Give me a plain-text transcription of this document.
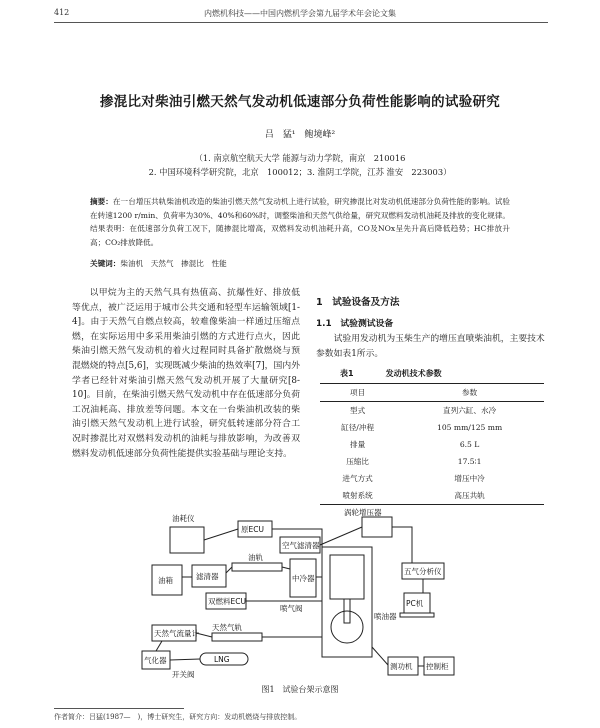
412	内燃机科技——中国内燃机学会第九届学术年会论文集
掺混比对柴油引燃天然气发动机低速部分负荷性能影响的试验研究
吕　猛¹　鲍境峰²
（1. 南京航空航天大学 能源与动力学院，南京　210016
2. 中国环境科学研究院，北京　100012；3. 淮阴工学院，江苏 淮安　223003）
摘要：在一台增压共轨柴油机改造的柴油引燃天然气发动机上进行试验，研究掺混比对发动机低速部分负荷性能的影响。试验在转速1200 r/min、负荷率为30%、40%和60%时，调整柴油和天然气供给量，研究双燃料发动机油耗及排放的变化规律。结果表明：在低速部分负荷工况下，随掺混比增高，双燃料发动机油耗升高，CO及NOx呈先升高后降低趋势；HC排放升高；CO₂排放降低。
关键词：柴油机　天然气　掺混比　性能

以甲烷为主的天然气具有热值高、抗爆性好、排放低等优点，被广泛运用于城市公共交通和轻型车运输领域[1-4]。由于天然气自燃点较高，较难像柴油一样通过压缩点燃，在实际运用中多采用柴油引燃的方式进行点火，因此柴油引燃天然气发动机的着火过程同时具备扩散燃烧与预混燃烧的特点[5,6]，实现既减少柴油的热效率[7]，国内外学者已经针对柴油引燃天然气发动机开展了大量研究[8-10]。目前，在柴油引燃天然气发动机中存在低速部分负荷工况油耗高、排放差等问题。本文在一台柴油机改装的柴油引燃天然气发动机上进行试验，研究低转速部分符合工况时掺混比对双燃料发动机的油耗与排放影响，为改善双燃料发动机低速部分负荷性能提供实验基础与理论支持。

1　试验设备及方法
1.1　试验测试设备
试验用发动机为玉柴生产的增压直喷柴油机，主要技术参数如表1所示。
表1　　　　发动机技术参数
项目	参数
型式	直列六缸、水冷
缸径/冲程	105 mm/125 mm
排量	6.5 L
压缩比	17.5∶1
进气方式	增压中冷
喷射系统	高压共轨
油耗仪
原ECU
涡轮增压器
空气滤清器
油箱	滤清器
油轨
中冷器
五气分析仪
双燃料ECU	PC机
喷气阀
喷油器
天然气流量计
天然气轨
气化器	LNG
开关阀
测功机 控制柜
图1　试验台架示意图
作者简介：吕猛(1987—　)，博士研究生，研究方向：发动机燃烧与排放控制。
